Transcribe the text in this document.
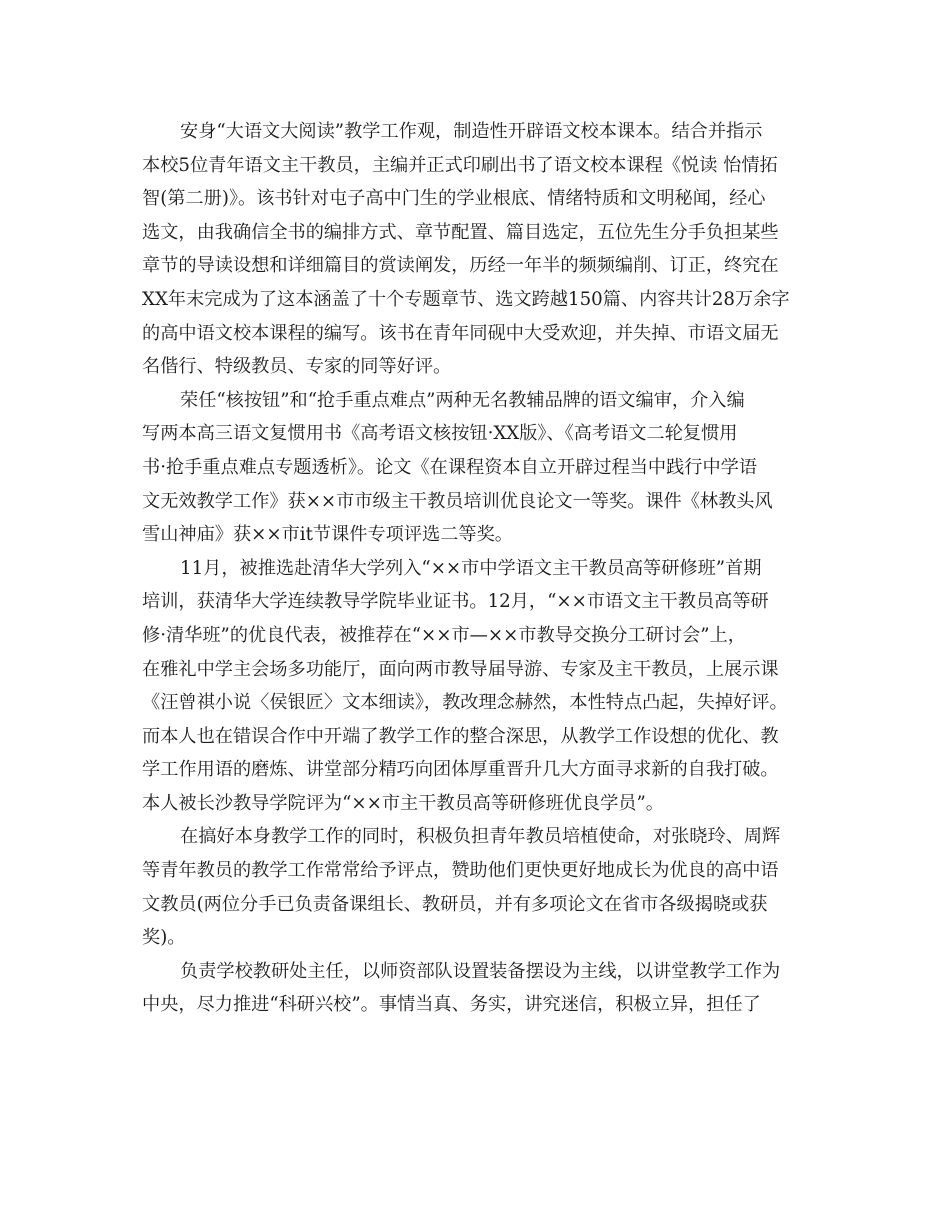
安身“大语文大阅读”教学工作观，制造性开辟语文校本课本。结合并指示
本校5位青年语文主干教员，主编并正式印刷出书了语文校本课程《悦读 怡情拓
智(第二册)》。该书针对屯子高中门生的学业根底、情绪特质和文明秘闻，经心
选文，由我确信全书的编排方式、章节配置、篇目选定，五位先生分手负担某些
章节的导读设想和详细篇目的赏读阐发，历经一年半的频频编削、订正，终究在
XX年末完成为了这本涵盖了十个专题章节、选文跨越150篇、内容共计28万余字
的高中语文校本课程的编写。该书在青年同砚中大受欢迎，并失掉、市语文届无
名偕行、特级教员、专家的同等好评。
荣任“核按钮”和“抢手重点难点”两种无名教辅品牌的语文编审，介入编
写两本高三语文复惯用书《高考语文核按钮·XX版》、《高考语文二轮复惯用
书·抢手重点难点专题透析》。论文《在课程资本自立开辟过程当中践行中学语
文无效教学工作》获××市市级主干教员培训优良论文一等奖。课件《林教头风
雪山神庙》获××市it节课件专项评选二等奖。
11月，被推选赴清华大学列入“××市中学语文主干教员高等研修班”首期
培训，获清华大学连续教导学院毕业证书。12月，“××市语文主干教员高等研
修·清华班”的优良代表，被推荐在“××市—××市教导交换分工研讨会”上，
在雅礼中学主会场多功能厅，面向两市教导届导游、专家及主干教员，上展示课
《汪曾祺小说〈侯银匠〉文本细读》，教改理念赫然，本性特点凸起，失掉好评。
而本人也在错误合作中开端了教学工作的整合深思，从教学工作设想的优化、教
学工作用语的磨炼、讲堂部分精巧向团体厚重晋升几大方面寻求新的自我打破。
本人被长沙教导学院评为“××市主干教员高等研修班优良学员”。
在搞好本身教学工作的同时，积极负担青年教员培植使命，对张晓玲、周辉
等青年教员的教学工作常常给予评点，赞助他们更快更好地成长为优良的高中语
文教员(两位分手已负责备课组长、教研员，并有多项论文在省市各级揭晓或获
奖)。
负责学校教研处主任，以师资部队设置装备摆设为主线，以讲堂教学工作为
中央，尽力推进“科研兴校”。事情当真、务实，讲究迷信，积极立异，担任了
